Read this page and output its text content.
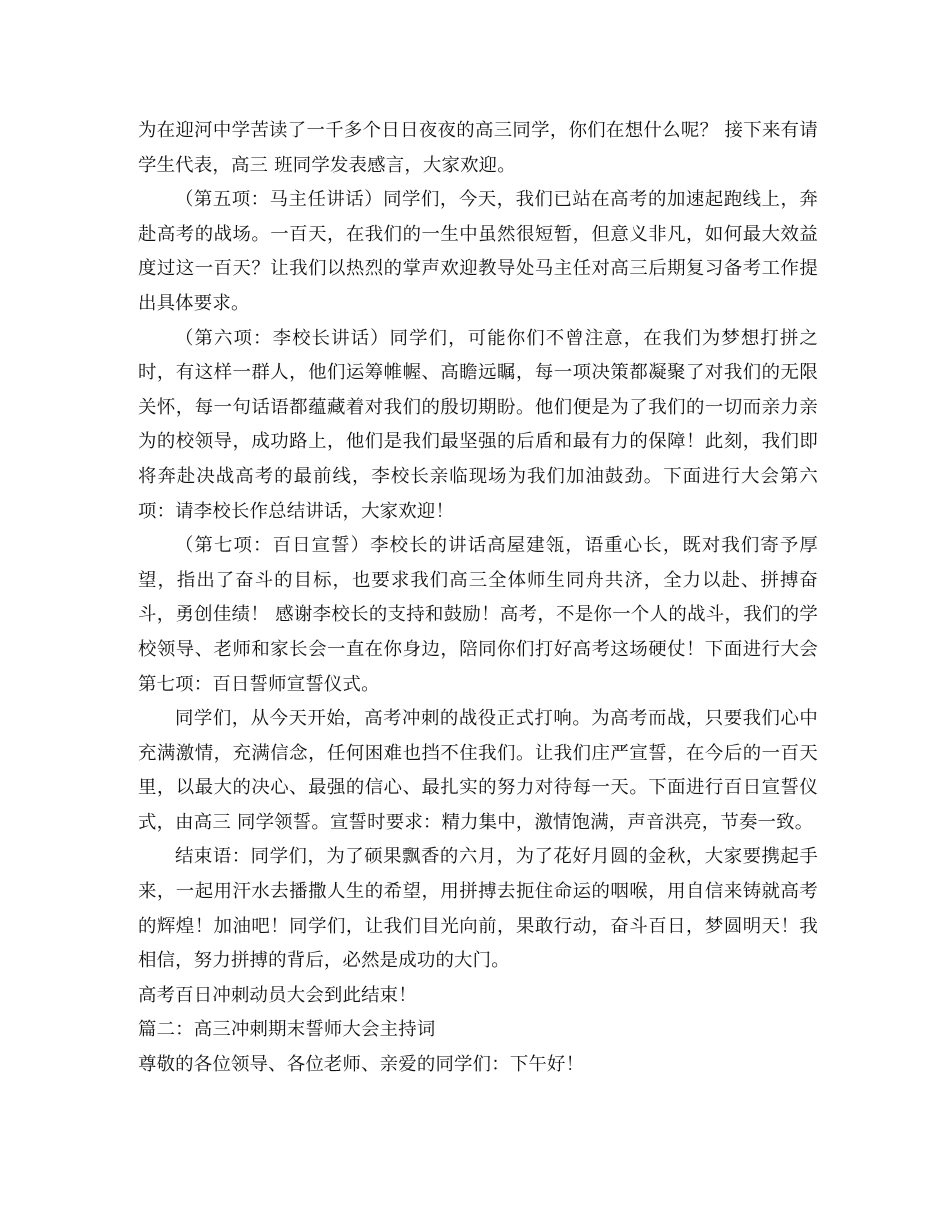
为在迎河中学苦读了一千多个日日夜夜的高三同学，你们在想什么呢？ 接下来有请学生代表，高三 班同学发表感言，大家欢迎。

（第五项：马主任讲话）同学们，今天，我们已站在高考的加速起跑线上，奔赴高考的战场。一百天，在我们的一生中虽然很短暂，但意义非凡，如何最大效益度过这一百天？让我们以热烈的掌声欢迎教导处马主任对高三后期复习备考工作提出具体要求。

（第六项：李校长讲话）同学们，可能你们不曾注意，在我们为梦想打拼之时，有这样一群人，他们运筹帷幄、高瞻远瞩，每一项决策都凝聚了对我们的无限关怀，每一句话语都蕴藏着对我们的殷切期盼。他们便是为了我们的一切而亲力亲为的校领导，成功路上，他们是我们最坚强的后盾和最有力的保障！此刻，我们即将奔赴决战高考的最前线，李校长亲临现场为我们加油鼓劲。下面进行大会第六项：请李校长作总结讲话，大家欢迎！

（第七项：百日宣誓）李校长的讲话高屋建瓴，语重心长，既对我们寄予厚望，指出了奋斗的目标，也要求我们高三全体师生同舟共济，全力以赴、拼搏奋斗，勇创佳绩！ 感谢李校长的支持和鼓励！高考，不是你一个人的战斗，我们的学校领导、老师和家长会一直在你身边，陪同你们打好高考这场硬仗！下面进行大会第七项：百日誓师宣誓仪式。

同学们，从今天开始，高考冲刺的战役正式打响。为高考而战，只要我们心中充满激情，充满信念，任何困难也挡不住我们。让我们庄严宣誓，在今后的一百天里，以最大的决心、最强的信心、最扎实的努力对待每一天。下面进行百日宣誓仪式，由高三 同学领誓。宣誓时要求：精力集中，激情饱满，声音洪亮，节奏一致。

结束语：同学们，为了硕果飘香的六月，为了花好月圆的金秋，大家要携起手来，一起用汗水去播撒人生的希望，用拼搏去扼住命运的咽喉，用自信来铸就高考的辉煌！加油吧！同学们，让我们目光向前，果敢行动，奋斗百日，梦圆明天！我相信，努力拼搏的背后，必然是成功的大门。

高考百日冲刺动员大会到此结束！

篇二：高三冲刺期末誓师大会主持词

尊敬的各位领导、各位老师、亲爱的同学们：下午好！
